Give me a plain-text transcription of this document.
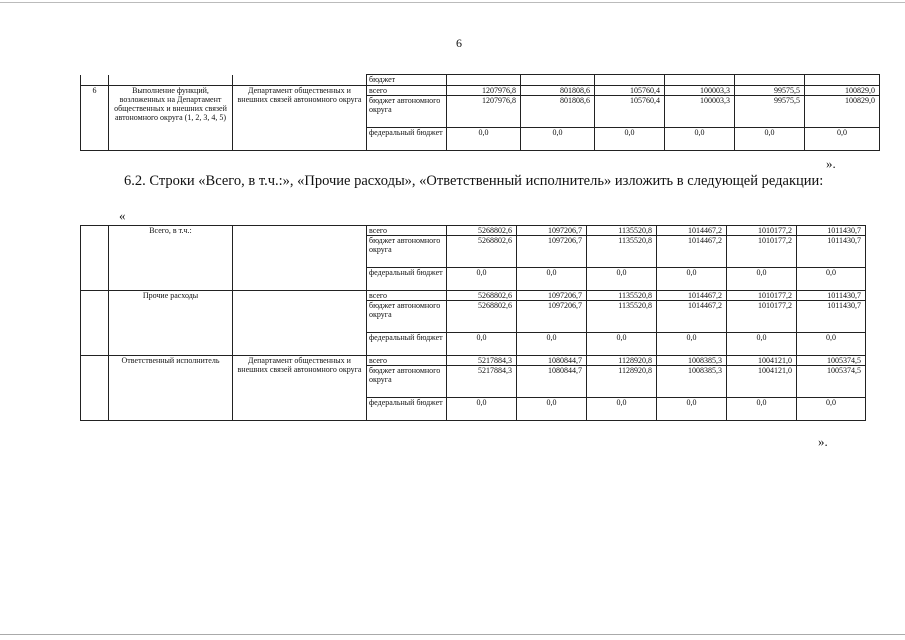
6
			бюджет						
6	Выполнение функций, возложенных на Департамент общественных и внешних связей автономного округа (1, 2, 3, 4, 5)	Департамент общественных и внешних связей автономного округа	всего	1207976,8	801808,6	105760,4	100003,3	99575,5	100829,0
			бюджет автономного округа	1207976,8	801808,6	105760,4	100003,3	99575,5	100829,0
			федеральный бюджет	0,0	0,0	0,0	0,0	0,0	0,0
».
6.2. Строки «Всего, в т.ч.:», «Прочие расходы», «Ответственный исполнитель» изложить в следующей редакции:
«
	Всего, в т.ч.:		всего	5268802,6	1097206,7	1135520,8	1014467,2	1010177,2	1011430,7
			бюджет автономного округа	5268802,6	1097206,7	1135520,8	1014467,2	1010177,2	1011430,7
			федеральный бюджет	0,0	0,0	0,0	0,0	0,0	0,0
	Прочие расходы		всего	5268802,6	1097206,7	1135520,8	1014467,2	1010177,2	1011430,7
			бюджет автономного округа	5268802,6	1097206,7	1135520,8	1014467,2	1010177,2	1011430,7
			федеральный бюджет	0,0	0,0	0,0	0,0	0,0	0,0
	Ответственный исполнитель	Департамент общественных и внешних связей автономного округа	всего	5217884,3	1080844,7	1128920,8	1008385,3	1004121,0	1005374,5
			бюджет автономного округа	5217884,3	1080844,7	1128920,8	1008385,3	1004121,0	1005374,5
			федеральный бюджет	0,0	0,0	0,0	0,0	0,0	0,0
».
